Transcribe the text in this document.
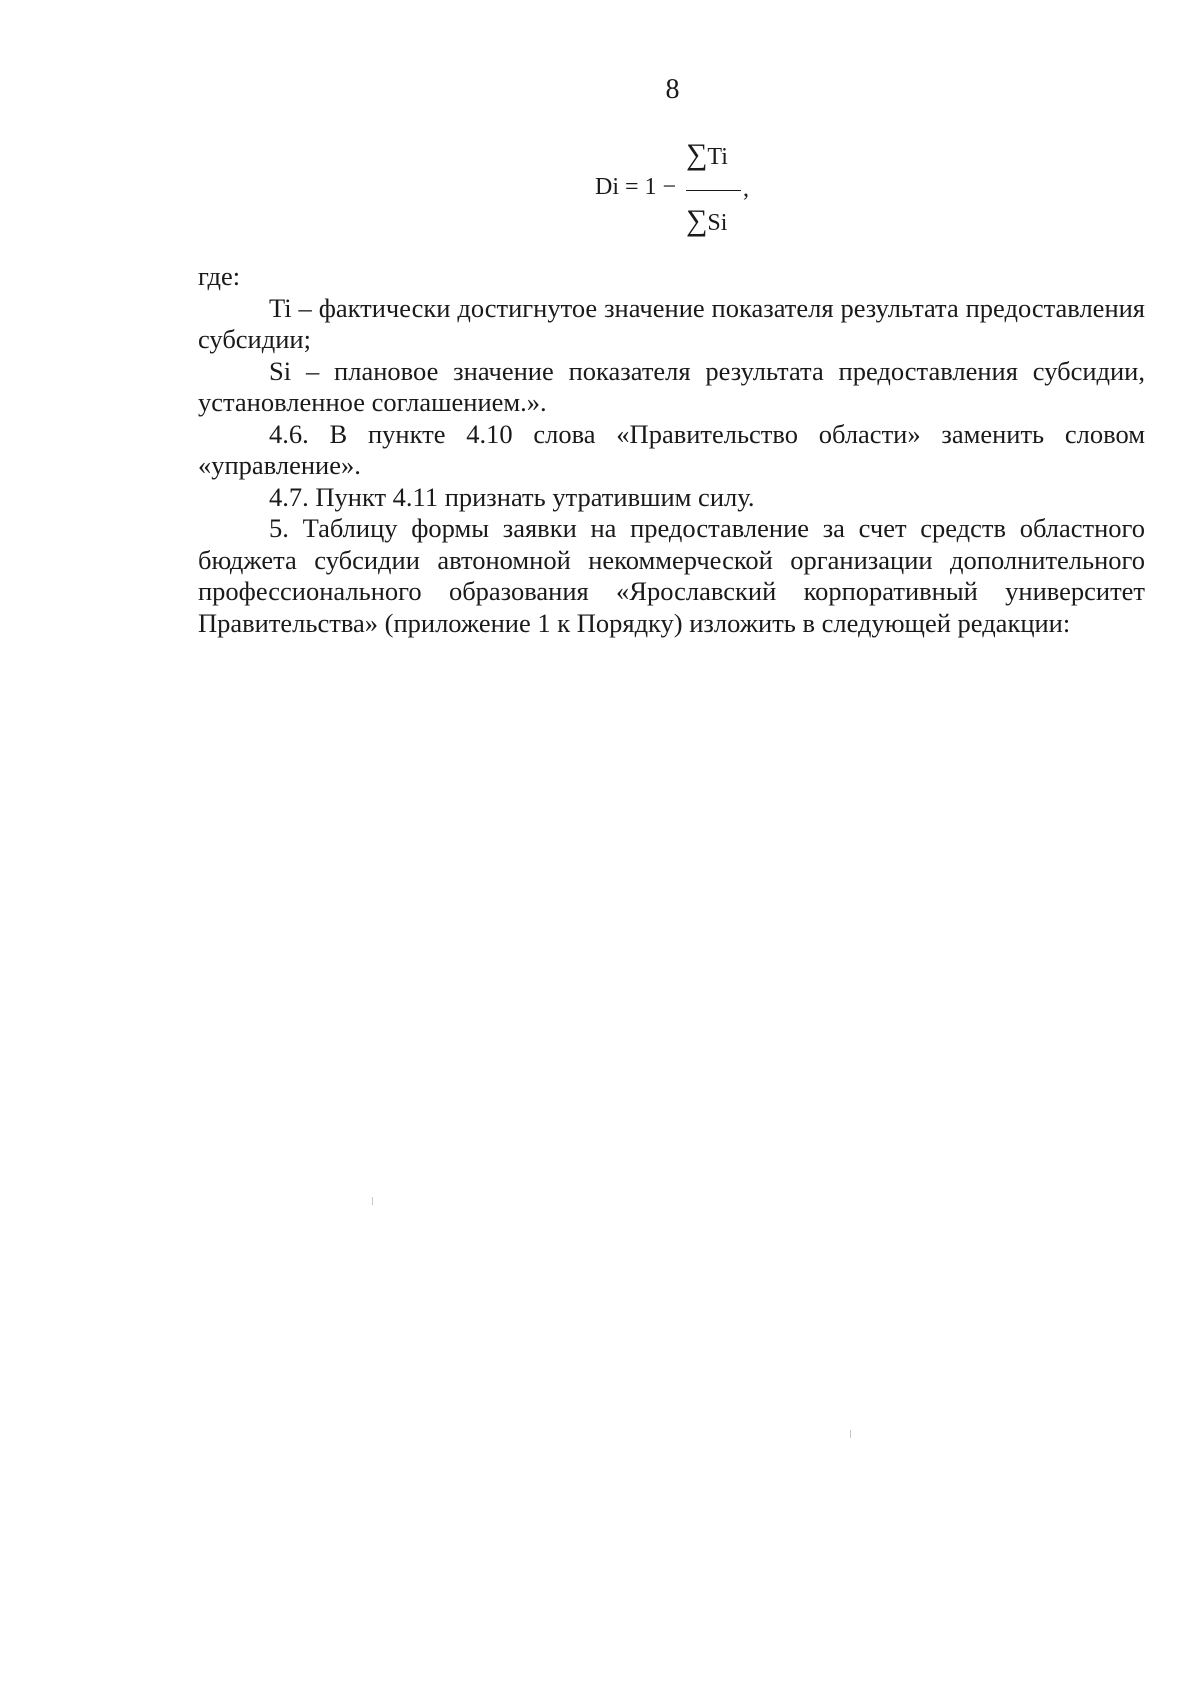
8
∑Ti
Di = 1 −	,
∑Si

где:

Ti – фактически достигнутое значение показателя результата предоставления субсидии;

Si – плановое значение показателя результата предоставления субсидии, установленное соглашением.».

4.6. В пункте 4.10 слова «Правительство области» заменить словом «управление».

4.7. Пункт 4.11 признать утратившим силу.

5. Таблицу формы заявки на предоставление за счет средств областного бюджета субсидии автономной некоммерческой организации дополнительного профессионального образования «Ярославский корпоративный университет Правительства» (приложение 1 к Порядку) изложить в следующей редакции:
